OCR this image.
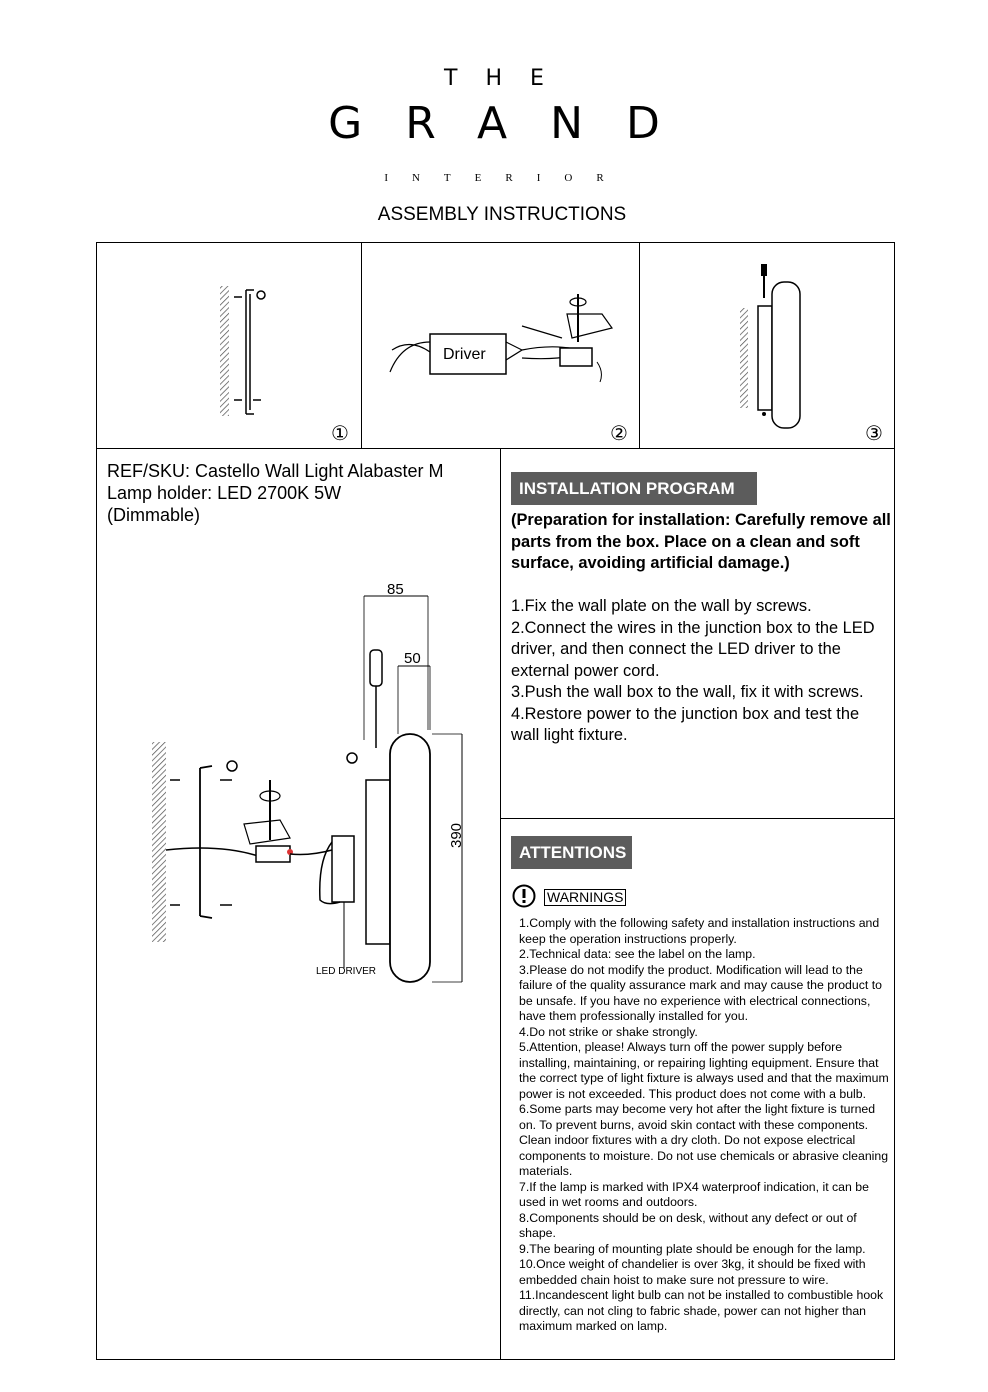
THE
GRAND
INTERIOR
ASSEMBLY INSTRUCTIONS
①
Driver
②	③
REF/SKU: Castello Wall Light Alabaster M
Lamp holder: LED 2700K 5W
(Dimmable)
85
50
390
LED DRIVER
INSTALLATION PROGRAM
(Preparation for installation: Carefully remove all parts from the box. Place on a clean and soft surface, avoiding artificial damage.)
1.Fix the wall plate on the wall by screws.
2.Connect the wires in the junction box to the LED driver, and then connect the LED driver to the external power cord.
3.Push the wall box to the wall, fix it with screws.
4.Restore power to the junction box and test the wall light fixture.
ATTENTIONS
WARNINGS
1.Comply with the following safety and installation instructions and keep the operation instructions properly.
2.Technical data: see the label on the lamp.
3.Please do not modify the product. Modification will lead to the failure of the quality assurance mark and may cause the product to be unsafe. If you have no experience with electrical connections, have them professionally installed for you.
4.Do not strike or shake strongly.
5.Attention, please! Always turn off the power supply before installing, maintaining, or repairing lighting equipment. Ensure that the correct type of light fixture is always used and that the maximum power is not exceeded. This product does not come with a bulb.
6.Some parts may become very hot after the light fixture is turned on. To prevent burns, avoid skin contact with these components. Clean indoor fixtures with a dry cloth. Do not expose electrical components to moisture. Do not use chemicals or abrasive cleaning materials.
7.If the lamp is marked with IPX4 waterproof indication, it can be used in wet rooms and outdoors.
8.Components should be on desk, without any defect or out of shape.
9.The bearing of mounting plate should be enough for the lamp.
10.Once weight of chandelier is over 3kg, it should be fixed with embedded chain hoist to make sure not pressure to wire.
11.Incandescent light bulb can not be installed to combustible hook directly, can not cling to fabric shade, power can not higher than maximum marked on lamp.
